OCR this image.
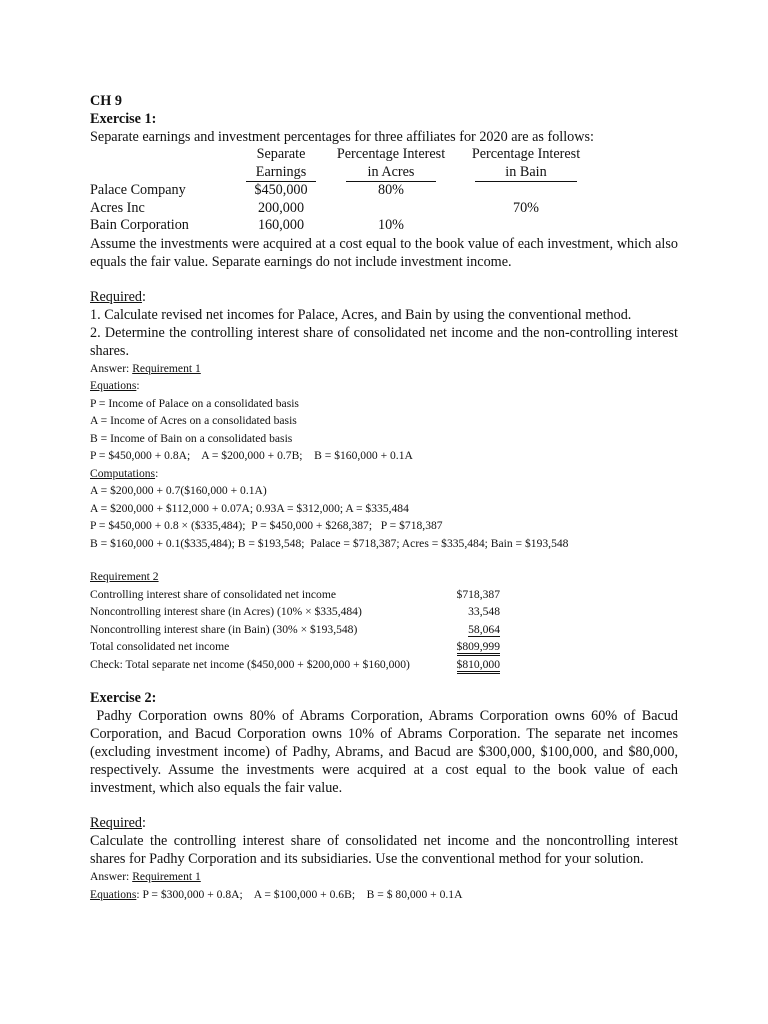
CH 9
Exercise 1:
Separate earnings and investment percentages for three affiliates for 2020 are as follows:
	Separate	Percentage Interest	Percentage Interest
	Earnings	in Acres	in Bain
Palace Company	$450,000	80%	
Acres Inc	200,000		70%
Bain Corporation	160,000	10%	

Assume the investments were acquired at a cost equal to the book value of each investment, which also equals the fair value. Separate earnings do not include investment income.

Required:

1. Calculate revised net incomes for Palace, Acres, and Bain by using the conventional method.

2. Determine the controlling interest share of consolidated net income and the non-controlling interest shares.

Answer: Requirement 1
Equations:
P = Income of Palace on a consolidated basis
A = Income of Acres on a consolidated basis
B = Income of Bain on a consolidated basis
P = $450,000 + 0.8A;    A = $200,000 + 0.7B;    B = $160,000 + 0.1A
Computations:
A = $200,000 + 0.7($160,000 + 0.1A)
A = $200,000 + $112,000 + 0.07A; 0.93A = $312,000; A = $335,484
P = $450,000 + 0.8 × ($335,484);  P = $450,000 + $268,387;   P = $718,387
B = $160,000 + 0.1($335,484); B = $193,548;  Palace = $718,387; Acres = $335,484; Bain = $193,548
Requirement 2
Controlling interest share of consolidated net income	$718,387
Noncontrolling interest share (in Acres) (10% × $335,484)	33,548
Noncontrolling interest share (in Bain) (30% × $193,548)	58,064
Total consolidated net income	$809,999
Check: Total separate net income ($450,000 + $200,000 + $160,000)	$810,000
Exercise 2:

Padhy Corporation owns 80% of Abrams Corporation, Abrams Corporation owns 60% of Bacud Corporation, and Bacud Corporation owns 10% of Abrams Corporation. The separate net incomes (excluding investment income) of Padhy, Abrams, and Bacud are $300,000, $100,000, and $80,000, respectively. Assume the investments were acquired at a cost equal to the book value of each investment, which also equals the fair value.

Required:

Calculate the controlling interest share of consolidated net income and the noncontrolling interest shares for Padhy Corporation and its subsidiaries. Use the conventional method for your solution.

Answer: Requirement 1
Equations: P = $300,000 + 0.8A;    A = $100,000 + 0.6B;    B = $ 80,000 + 0.1A
